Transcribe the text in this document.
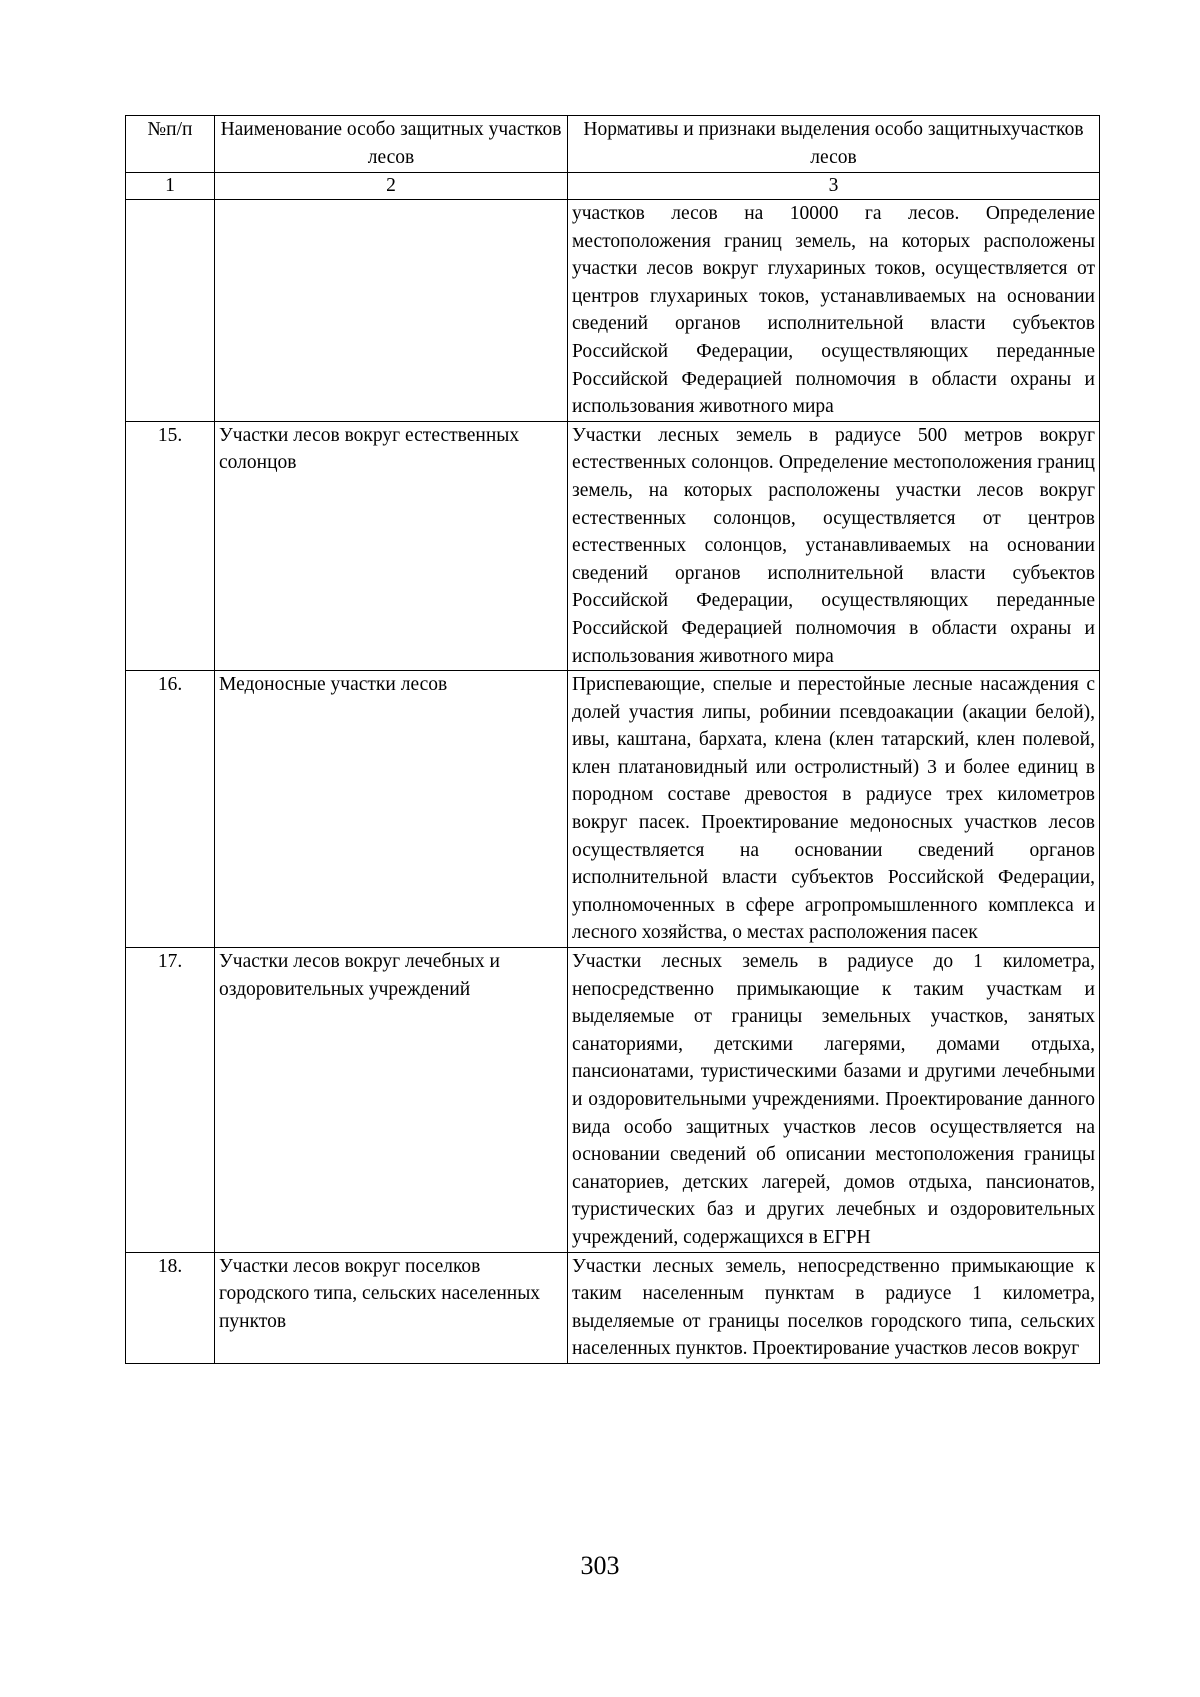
№п/п	Наименование особо защитных участков лесов	Нормативы и признаки выделения особо защитныхучастков лесов
1	2	3
		участков лесов на 10000 га лесов. Определение местоположения границ земель, на которых расположены участки лесов вокруг глухариных токов, осуществляется от центров глухариных токов, устанавливаемых на основании сведений органов исполнительной власти субъектов Российской Федерации, осуществляющих переданные Российской Федерацией полномочия в области охраны и использования животного мира
15.	Участки лесов вокруг естественных солонцов	Участки лесных земель в радиусе 500 метров вокруг естественных солонцов. Определение местоположения границ земель, на которых расположены участки лесов вокруг естественных солонцов, осуществляется от центров естественных солонцов, устанавливаемых на основании сведений органов исполнительной власти субъектов Российской Федерации, осуществляющих переданные Российской Федерацией полномочия в области охраны и использования животного мира
16.	Медоносные участки лесов	Приспевающие, спелые и перестойные лесные насаждения с долей участия липы, робинии псевдоакации (акации белой), ивы, каштана, бархата, клена (клен татарский, клен полевой, клен платановидный или остролистный) 3 и более единиц в породном составе древостоя в радиусе трех километров вокруг пасек. Проектирование медоносных участков лесов осуществляется на основании сведений органов исполнительной власти субъектов Российской Федерации, уполномоченных в сфере агропромышленного комплекса и лесного хозяйства, о местах расположения пасек
17.	Участки лесов вокруг лечебных и оздоровительных учреждений	Участки лесных земель в радиусе до 1 километра, непосредственно примыкающие к таким участкам и выделяемые от границы земельных участков, занятых санаториями, детскими лагерями, домами отдыха, пансионатами, туристическими базами и другими лечебными и оздоровительными учреждениями. Проектирование данного вида особо защитных участков лесов осуществляется на основании сведений об описании местоположения границы санаториев, детских лагерей, домов отдыха, пансионатов, туристических баз и других лечебных и оздоровительных учреждений, содержащихся в ЕГРН
18.	Участки лесов вокруг поселков городского типа, сельских населенных пунктов	Участки лесных земель, непосредственно примыкающие к таким населенным пунктам в радиусе 1 километра, выделяемые от границы поселков городского типа, сельских населенных пунктов. Проектирование участков лесов вокруг
303
